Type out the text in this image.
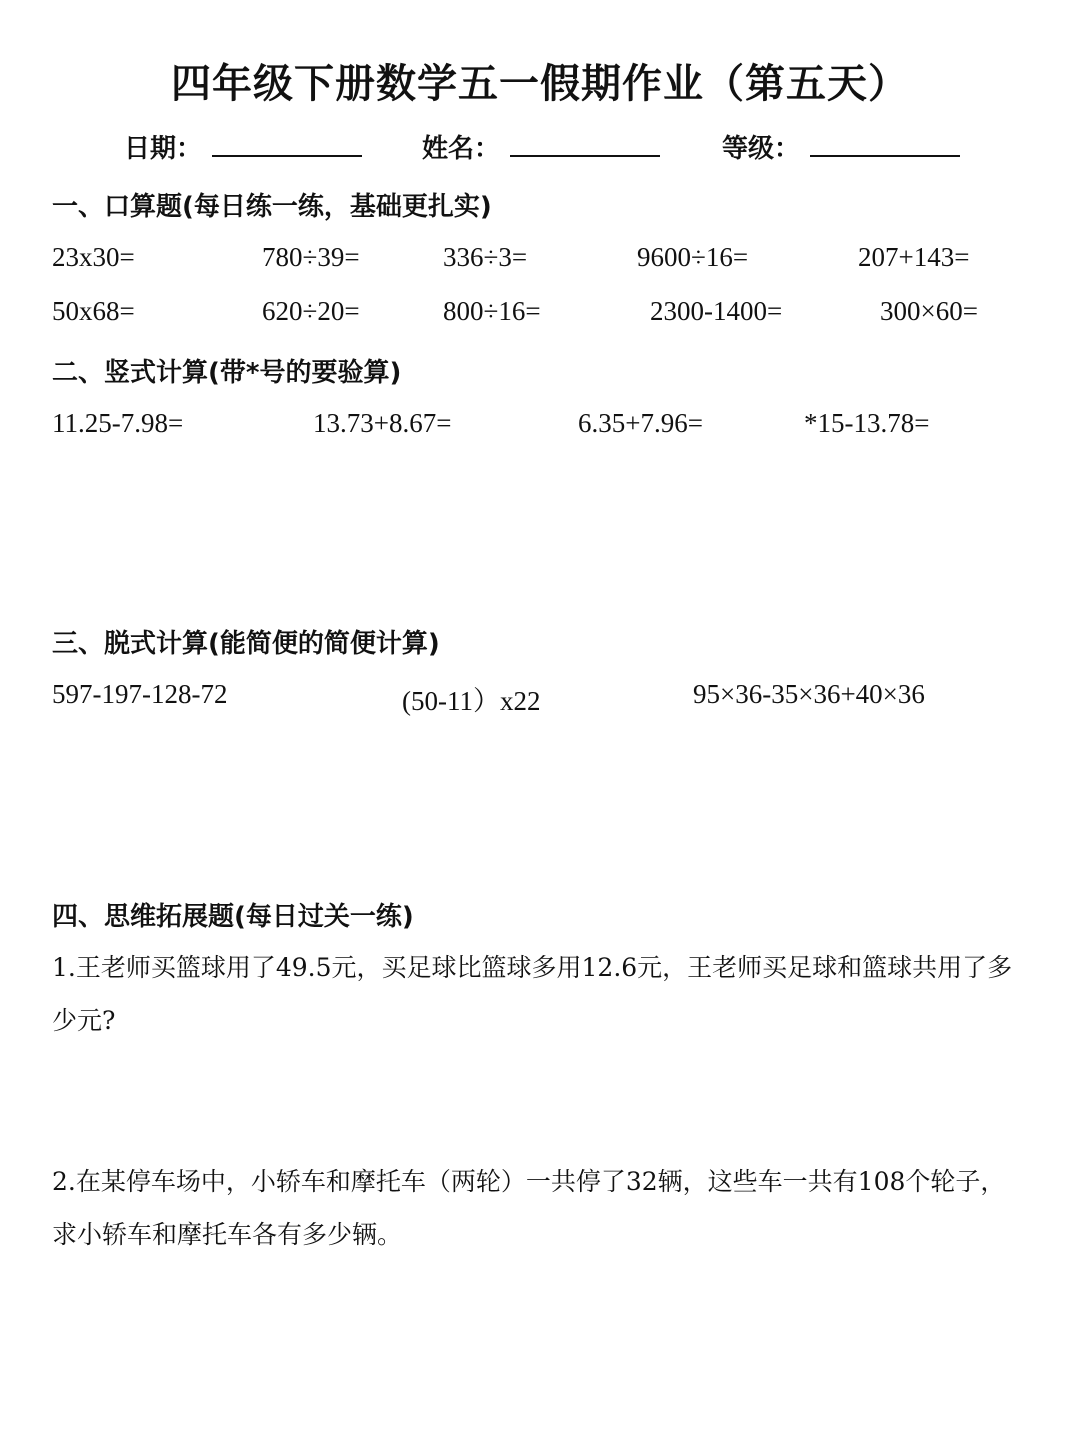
四年级下册数学五一假期作业（第五天）
日期：	姓名：	等级：
一、口算题(每日练一练，基础更扎实)
23x30=	780÷39=	336÷3=	9600÷16=	207+143=
50x68=	620÷20=	800÷16=	2300-1400=	300×60=
二、竖式计算(带*号的要验算)
11.25-7.98=	13.73+8.67=	6.35+7.96=	*15-13.78=
三、脱式计算(能简便的简便计算)
597-197-128-72	(50-11）x22	95×36-35×36+40×36
四、思维拓展题(每日过关一练)
1.王老师买篮球用了49.5元，买足球比篮球多用12.6元，王老师买足球和篮球共用了多少元?
2.在某停车场中，小轿车和摩托车（两轮）一共停了32辆，这些车一共有108个轮子，求小轿车和摩托车各有多少辆。
